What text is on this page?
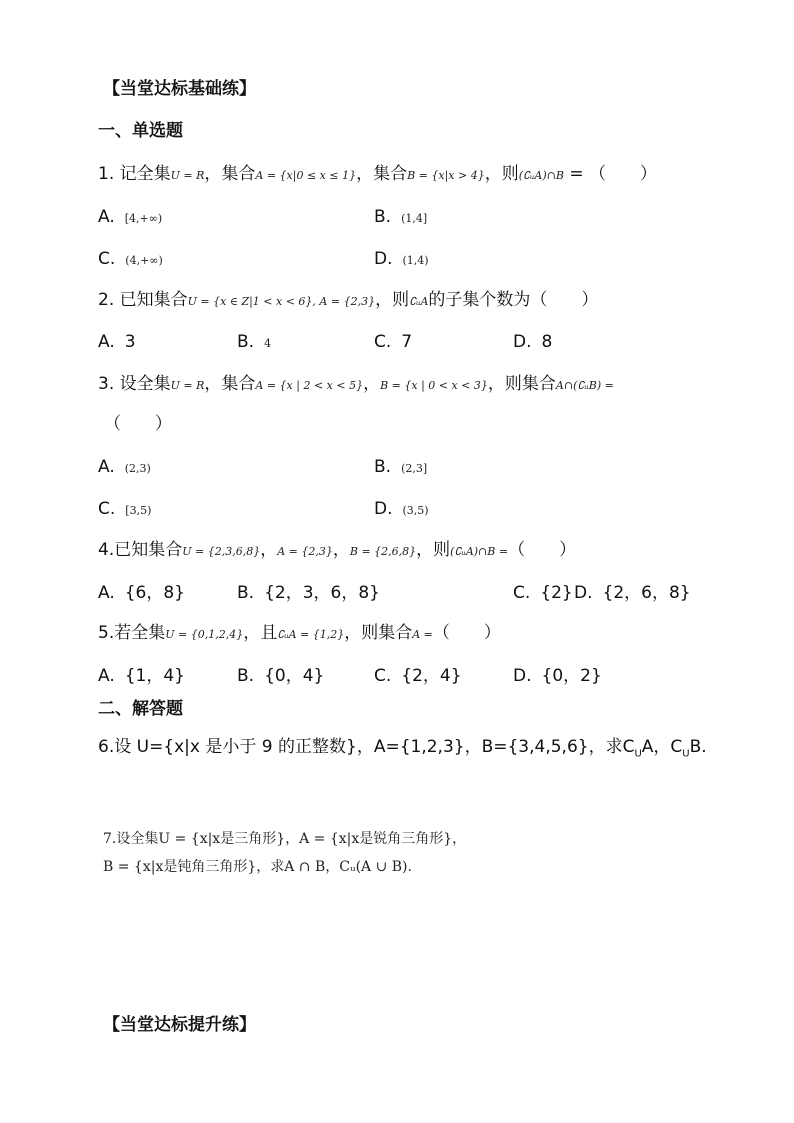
【当堂达标基础练】
一、单选题
1. 记全集U = R，集合A = {x|0 ≤ x ≤ 1}，集合B = {x|x > 4}，则(∁ᵤA)∩B = （　　）
A. [4,+∞)	B. (1,4]
C. (4,+∞)	D. (1,4)
2. 已知集合U = {x ∈ Z|1 < x < 6}, A = {2,3}，则∁ᵤA的子集个数为（　　）
A. 3	B. 4	C. 7	D. 8
3. 设全集U = R，集合A = {x | 2 < x < 5}，B = {x | 0 < x < 3}，则集合A∩(∁ᵤB) =
（　　）
A. (2,3)	B. (2,3]
C. [3,5)	D. (3,5)
4.已知集合U = {2,3,6,8}，A = {2,3}，B = {2,6,8}，则(∁ᵤA)∩B =（　　）
A. {6，8}	B. {2，3，6，8}	C. {2} D. {2，6，8}
5.若全集U = {0,1,2,4}，且∁ᵤA = {1,2}，则集合A =（　　）
A. {1，4}	B. {0，4}	C. {2，4}	D. {0，2}
二、解答题
6.设 U={x|x 是小于 9 的正整数}，A={1,2,3}，B={3,4,5,6}，求$C_UA$，$C_UB$.
7.设全集U = {x|x是三角形}，A = {x|x是锐角三角形}，
B = {x|x是钝角三角形}，求A ∩ B，Cᵤ(A ∪ B).
【当堂达标提升练】
